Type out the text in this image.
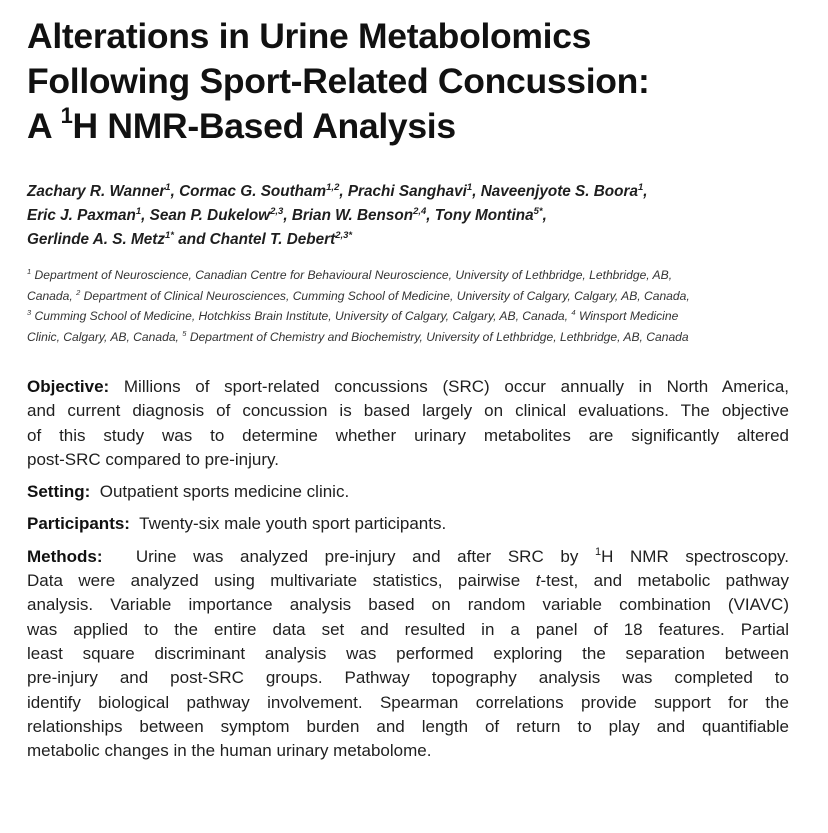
Alterations in Urine Metabolomics
Following Sport-Related Concussion:
A $^1$H NMR-Based Analysis
Zachary R. Wanner$^1$, Cormac G. Southam$^{1,2}$, Prachi Sanghavi$^1$, Naveenjyote S. Boora$^1$,
Eric J. Paxman$^1$, Sean P. Dukelow$^{2,3}$, Brian W. Benson$^{2,4}$, Tony Montina$^{5*}$,
Gerlinde A. S. Metz$^{1*}$ and Chantel T. Debert$^{2,3*}$
$^1$ Department of Neuroscience, Canadian Centre for Behavioural Neuroscience, University of Lethbridge, Lethbridge, AB,
Canada, $^2$ Department of Clinical Neurosciences, Cumming School of Medicine, University of Calgary, Calgary, AB, Canada,
$^3$ Cumming School of Medicine, Hotchkiss Brain Institute, University of Calgary, Calgary, AB, Canada, $^4$ Winsport Medicine
Clinic, Calgary, AB, Canada, $^5$ Department of Chemistry and Biochemistry, University of Lethbridge, Lethbridge, AB, Canada
Objective: Millions of sport-related concussions (SRC) occur annually in North America,
and current diagnosis of concussion is based largely on clinical evaluations. The objective
of this study was to determine whether urinary metabolites are significantly altered
post-SRC compared to pre-injury.
Setting: Outpatient sports medicine clinic.
Participants: Twenty-six male youth sport participants.
Methods: Urine was analyzed pre-injury and after SRC by $^1$H NMR spectroscopy.
Data were analyzed using multivariate statistics, pairwise t-test, and metabolic pathway
analysis. Variable importance analysis based on random variable combination (VIAVC)
was applied to the entire data set and resulted in a panel of 18 features. Partial
least square discriminant analysis was performed exploring the separation between
pre-injury and post-SRC groups. Pathway topography analysis was completed to
identify biological pathway involvement. Spearman correlations provide support for the
relationships between symptom burden and length of return to play and quantifiable
metabolic changes in the human urinary metabolome.
